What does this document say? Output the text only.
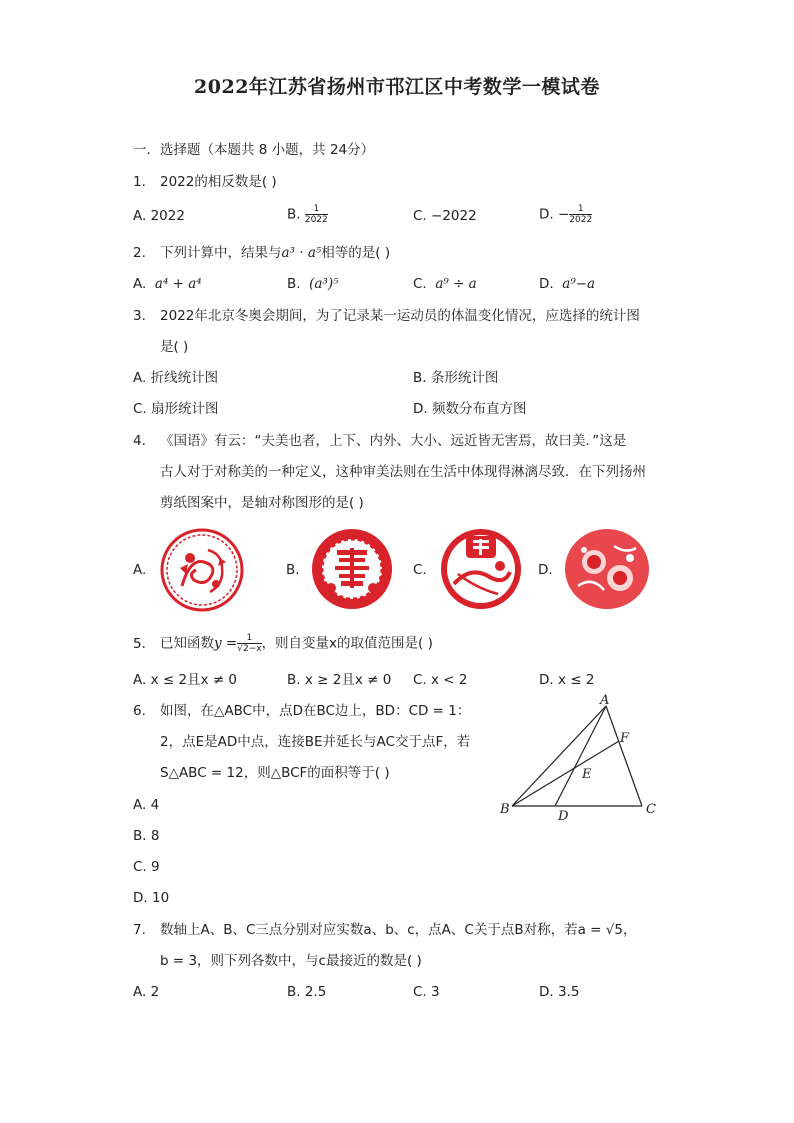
2022年江苏省扬州市邗江区中考数学一模试卷
一．选择题（本题共 8 小题，共 24分）
1. 2022的相反数是( )
A. 2022	B. $\frac{1}{2022}$	C. −2022	D. − $\frac{1}{2022}$
2. 下列计算中，结果与a³ · a⁵相等的是( )
A. a⁴ + a⁴	B. (a³)⁵	C. a⁹ ÷ a	D. a⁹−a
3. 2022年北京冬奥会期间，为了记录某一运动员的体温变化情况，应选择的统计图
是( )
A. 折线统计图	B. 条形统计图
C. 扇形统计图	D. 频数分布直方图
4. 《国语》有云：“夫美也者，上下、内外、大小、远近皆无害焉，故曰美．”这是
古人对于对称美的一种定义，这种审美法则在生活中体现得淋漓尽致．在下列扬州
剪纸图案中，是轴对称图形的是( )
A.	B.	C.	D.
5. 已知函数$y = \frac{1}{√2-x}$ ，则自变量x的取值范围是( )
A. x ≤ 2且x ≠ 0	B. x ≥ 2且x ≠ 0 C. x < 2	D. x ≤ 2
6. 如图，在△ABC中，点D在BC边上，BD：CD = 1：
2，点E是AD中点，连接BE并延长与AC交于点F，若
S△ABC = 12，则△BCF的面积等于( )
A. 4
B. 8
C. 9
D. 10
A
B	C
D
E
F
7. 数轴上A、B、C三点分别对应实数a、b、c，点A、C关于点B对称，若a = √5，
b = 3，则下列各数中，与c最接近的数是( )
A. 2	B. 2.5	C. 3	D. 3.5
